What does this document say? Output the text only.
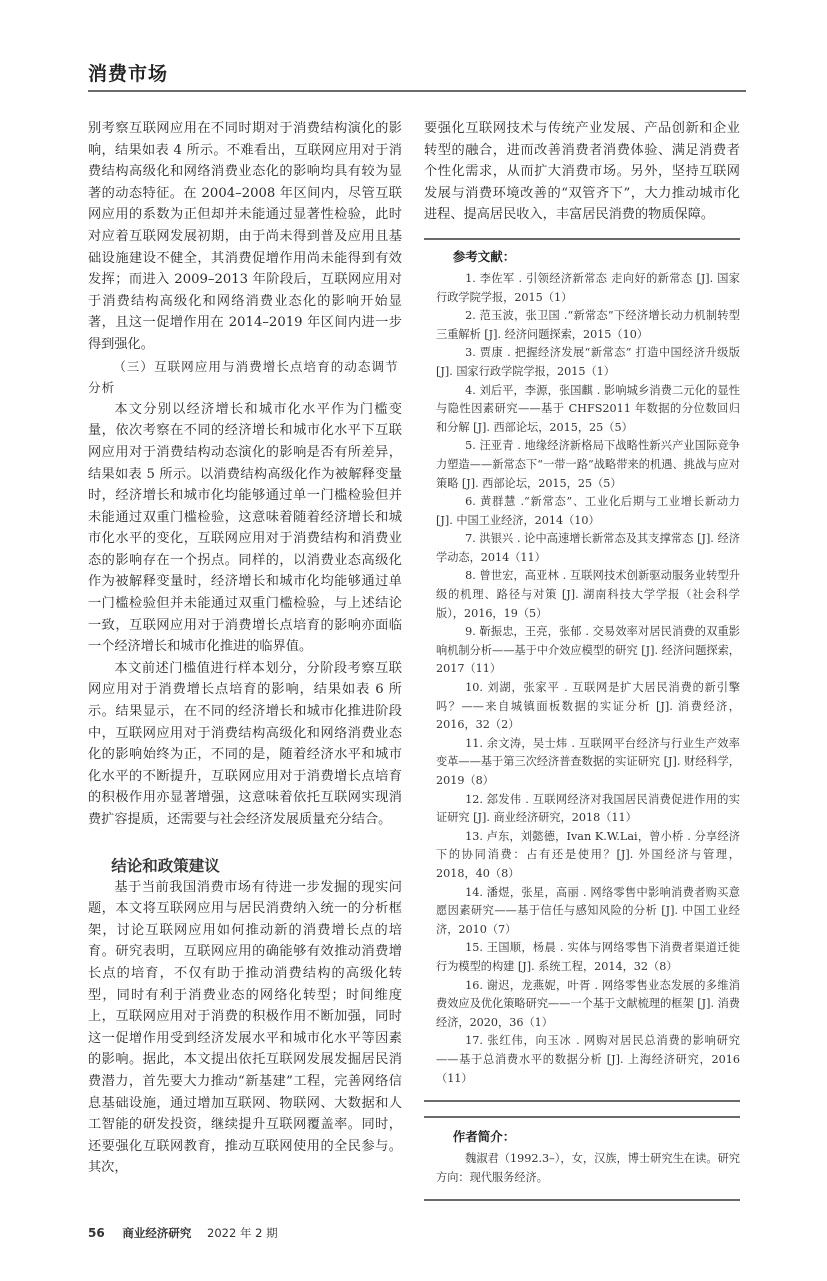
消费市场

别考察互联网应用在不同时期对于消费结构演化的影响，结果如表 4 所示。不难看出，互联网应用对于消费结构高级化和网络消费业态化的影响均具有较为显著的动态特征。在 2004–2008 年区间内，尽管互联网应用的系数为正但却并未能通过显著性检验，此时对应着互联网发展初期，由于尚未得到普及应用且基础设施建设不健全，其消费促增作用尚未能得到有效发挥；而进入 2009–2013 年阶段后，互联网应用对于消费结构高级化和网络消费业态化的影响开始显著，且这一促增作用在 2014–2019 年区间内进一步得到强化。

（三）互联网应用与消费增长点培育的动态调节分析

本文分别以经济增长和城市化水平作为门槛变量，依次考察在不同的经济增长和城市化水平下互联网应用对于消费结构动态演化的影响是否有所差异，结果如表 5 所示。以消费结构高级化作为被解释变量时，经济增长和城市化均能够通过单一门槛检验但并未能通过双重门槛检验，这意味着随着经济增长和城市化水平的变化，互联网应用对于消费结构和消费业态的影响存在一个拐点。同样的，以消费业态高级化作为被解释变量时，经济增长和城市化均能够通过单一门槛检验但并未能通过双重门槛检验，与上述结论一致，互联网应用对于消费增长点培育的影响亦面临一个经济增长和城市化推进的临界值。

本文前述门槛值进行样本划分，分阶段考察互联网应用对于消费增长点培育的影响，结果如表 6 所示。结果显示，在不同的经济增长和城市化推进阶段中，互联网应用对于消费结构高级化和网络消费业态化的影响始终为正，不同的是，随着经济水平和城市化水平的不断提升，互联网应用对于消费增长点培育的积极作用亦显著增强，这意味着依托互联网实现消费扩容提质，还需要与社会经济发展质量充分结合。

结论和政策建议

基于当前我国消费市场有待进一步发掘的现实问题，本文将互联网应用与居民消费纳入统一的分析框架，讨论互联网应用如何推动新的消费增长点的培育。研究表明，互联网应用的确能够有效推动消费增长点的培育，不仅有助于推动消费结构的高级化转型，同时有利于消费业态的网络化转型；时间维度上，互联网应用对于消费的积极作用不断加强，同时这一促增作用受到经济发展水平和城市化水平等因素的影响。据此，本文提出依托互联网发展发掘居民消费潜力，首先要大力推动“新基建”工程，完善网络信息基础设施，通过增加互联网、物联网、大数据和人工智能的研发投资，继续提升互联网覆盖率。同时，还要强化互联网教育，推动互联网使用的全民参与。其次，

要强化互联网技术与传统产业发展、产品创新和企业转型的融合，进而改善消费者消费体验、满足消费者个性化需求，从而扩大消费市场。另外，坚持互联网发展与消费环境改善的“双管齐下”，大力推动城市化进程、提高居民收入，丰富居民消费的物质保障。

参考文献：

1. 李佐军 . 引领经济新常态 走向好的新常态 [J]. 国家行政学院学报，2015（1）

2. 范玉波，张卫国 .“新常态”下经济增长动力机制转型三重解析 [J]. 经济问题探索，2015（10）

3. 贾康 . 把握经济发展“新常态” 打造中国经济升级版 [J]. 国家行政学院学报，2015（1）

4. 刘后平，李源，张国麒 . 影响城乡消费二元化的显性与隐性因素研究——基于 CHFS2011 年数据的分位数回归和分解 [J]. 西部论坛，2015，25（5）

5. 汪亚青 . 地缘经济新格局下战略性新兴产业国际竞争力塑造——新常态下“一带一路”战略带来的机遇、挑战与应对策略 [J]. 西部论坛，2015，25（5）

6. 黄群慧 .“新常态”、工业化后期与工业增长新动力 [J]. 中国工业经济，2014（10）

7. 洪银兴 . 论中高速增长新常态及其支撑常态 [J]. 经济学动态，2014（11）

8. 曾世宏，高亚林 . 互联网技术创新驱动服务业转型升级的机理、路径与对策 [J]. 湖南科技大学学报（社会科学版），2016，19（5）

9. 靳振忠，王亮，张郁 . 交易效率对居民消费的双重影响机制分析——基于中介效应模型的研究 [J]. 经济问题探索，2017（11）

10. 刘湖，张家平 . 互联网是扩大居民消费的新引擎吗？——来自城镇面板数据的实证分析 [J]. 消费经济，2016，32（2）

11. 余文涛，吴士炜 . 互联网平台经济与行业生产效率变革——基于第三次经济普查数据的实证研究 [J]. 财经科学，2019（8）

12. 郐发伟 . 互联网经济对我国居民消费促进作用的实证研究 [J]. 商业经济研究，2018（11）

13. 卢东，刘懿德，Ivan K.W.Lai，曾小桥 . 分享经济下的协同消费：占有还是使用？[J]. 外国经济与管理，2018，40（8）

14. 潘煜，张星，高丽 . 网络零售中影响消费者购买意愿因素研究——基于信任与感知风险的分析 [J]. 中国工业经济，2010（7）

15. 王国顺，杨晨 . 实体与网络零售下消费者渠道迁徙行为模型的构建 [J]. 系统工程，2014，32（8）

16. 谢迟，龙燕妮，叶胥 . 网络零售业态发展的多维消费效应及优化策略研究——一个基于文献梳理的框架 [J]. 消费经济，2020，36（1）

17. 张红伟，向玉冰 . 网购对居民总消费的影响研究——基于总消费水平的数据分析 [J]. 上海经济研究，2016（11）

作者简介：

魏淑君（1992.3–），女，汉族，博士研究生在读。研究方向：现代服务经济。

56 商业经济研究 2022 年 2 期
